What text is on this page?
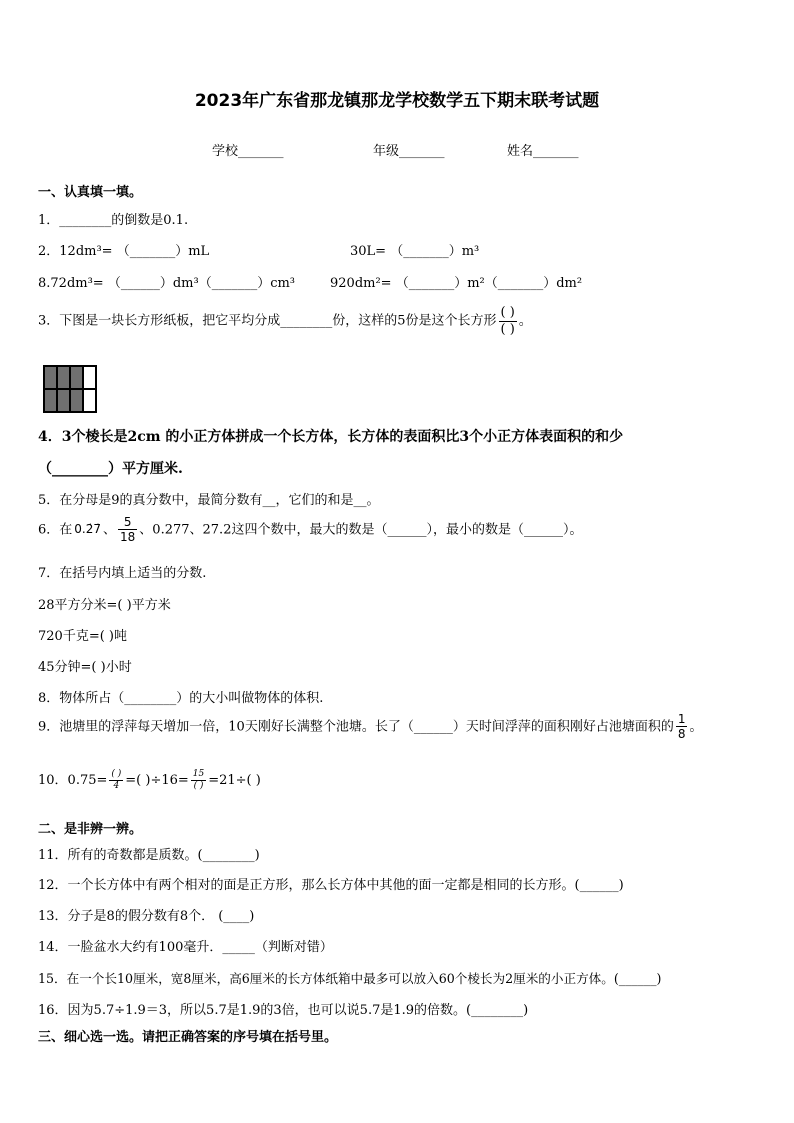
2023年广东省那龙镇那龙学校数学五下期末联考试题
学校_______	年级_______	姓名_______
一、认真填一填。
1．________的倒数是0.1.
2．12dm³= （_______）mL	30L= （_______）m³
8.72dm³= （______）dm³（_______）cm³	920dm²= （_______）m²（_______）dm²
3．下图是一块长方形纸板，把它平均分成________份，这样的5份是这个长方形 $\frac{( )}{( )}$ 。
4．3个棱长是2cm 的小正方体拼成一个长方体，长方体的表面积比3个小正方体表面积的和少
（________）平方厘米.
5．在分母是9的真分数中，最简分数有__，它们的和是__。
6．在 0.2̇7̇ 、 $\frac{5}{18}$ 、0.277、27.2这四个数中，最大的数是（______），最小的数是（______）。
7．在括号内填上适当的分数.
28平方分米=( )平方米
720千克=( )吨
45分钟=( )小时
8．物体所占（________）的大小叫做物体的体积.
9．池塘里的浮萍每天增加一倍，10天刚好长满整个池塘。长了（______）天时间浮萍的面积刚好占池塘面积的 $\frac{1}{8}$ 。
10．$0.75= \frac{( )}{4}$ =( )$\div 16= \frac{15}{( )} =21\div$( )
二、是非辨一辨。
11．所有的奇数都是质数。(________)
12．一个长方体中有两个相对的面是正方形，那么长方体中其他的面一定都是相同的长方形。(______)
13．分子是8的假分数有8个． (____)
14．一脸盆水大约有100毫升．_____（判断对错）
15．在一个长10厘米，宽8厘米，高6厘米的长方体纸箱中最多可以放入60个棱长为2厘米的小正方体。(______)
16．因为5.7÷1.9＝3，所以5.7是1.9的3倍，也可以说5.7是1.9的倍数。(________)
三、细心选一选。请把正确答案的序号填在括号里。
